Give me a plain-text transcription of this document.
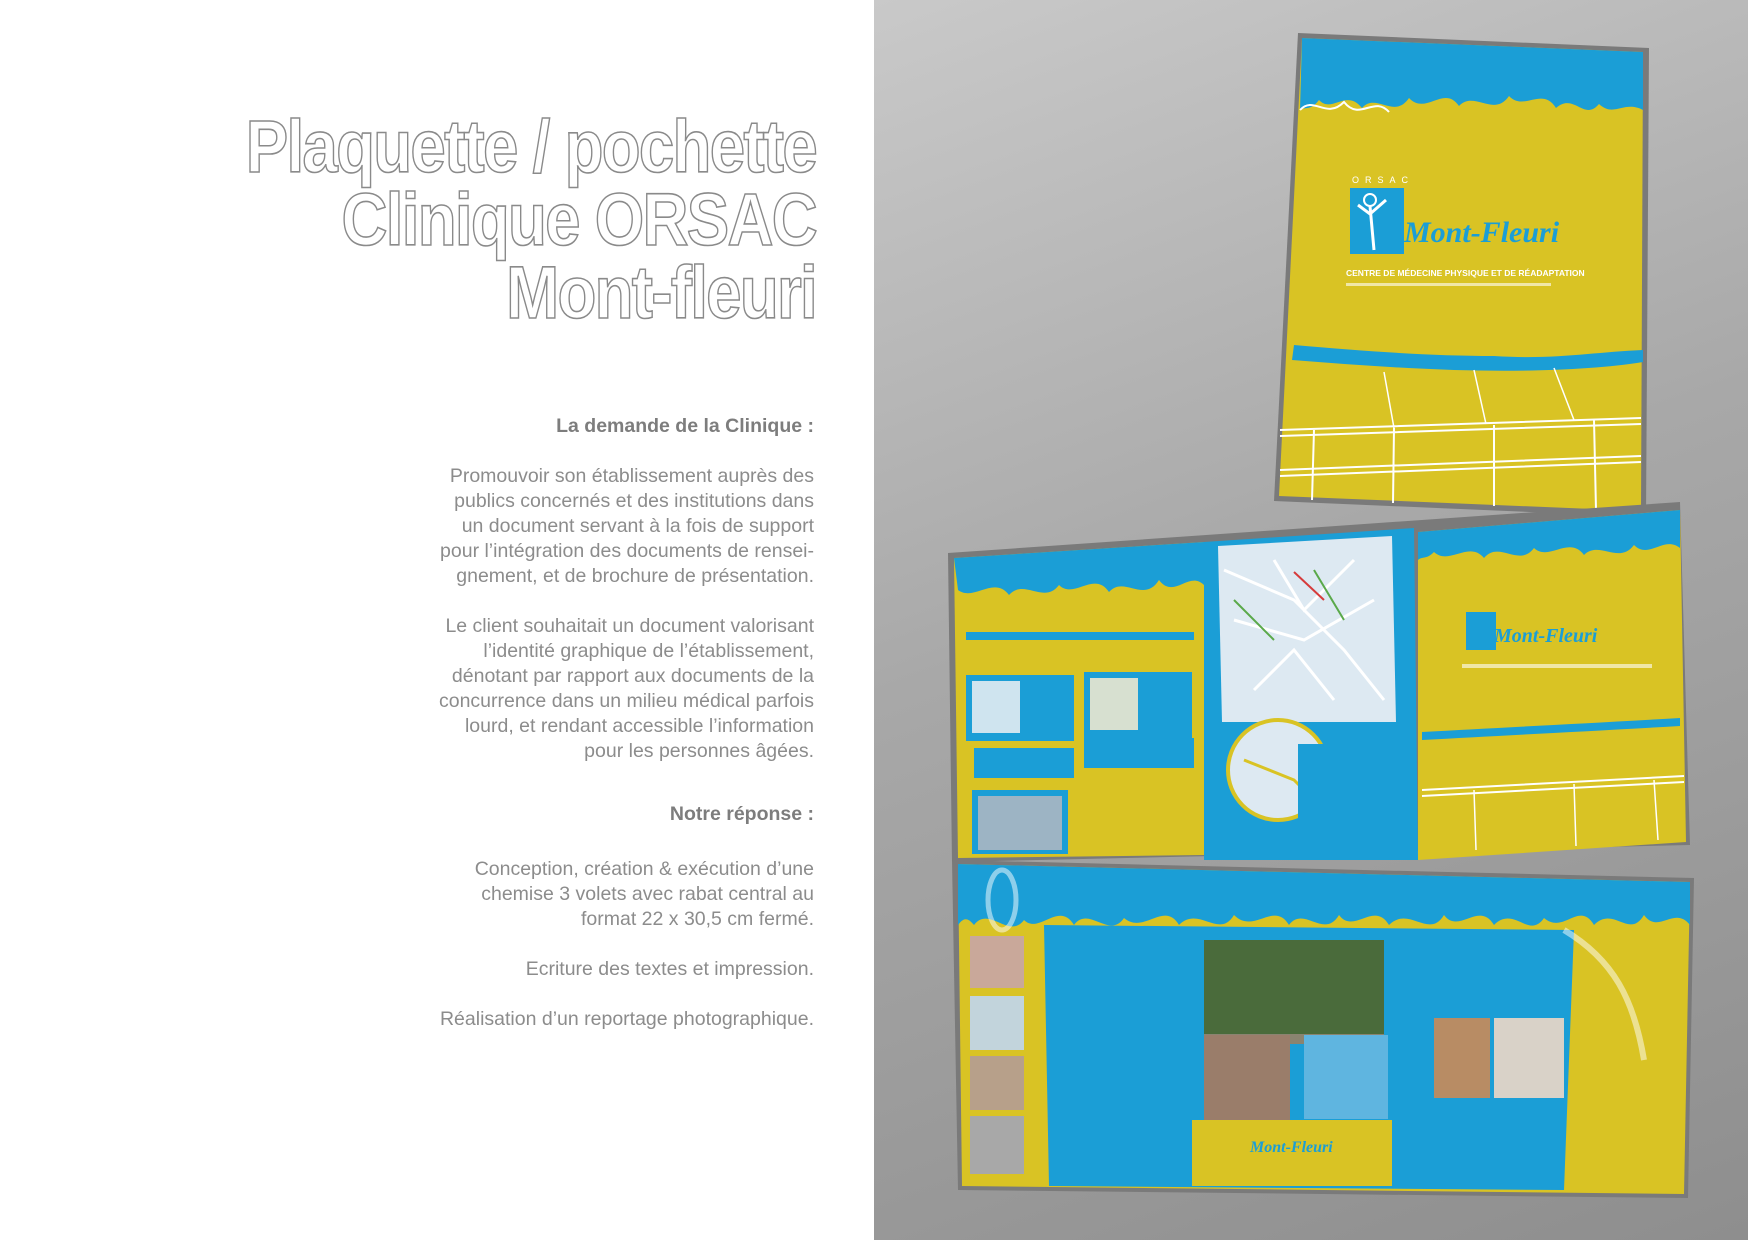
Plaquette / pochette
Clinique ORSAC
Mont-fleuri

La demande de la Clinique :

Promouvoir son établissement auprès des

publics concernés et des institutions dans

un document servant à la fois de support

pour l’intégration des documents de rensei-

gnement, et de brochure de présentation.

Le client souhaitait un document valorisant

l’identité graphique de l’établissement,

dénotant par rapport aux documents de la

concurrence dans un milieu médical parfois

lourd, et rendant accessible l’information

pour les personnes âgées.

Notre réponse :

Conception, création & exécution d’une

chemise 3 volets avec rabat central au

format 22 x 30,5 cm fermé.

Ecriture des textes et impression.

Réalisation d’un reportage photographique.

ORSAC
Mont-Fleuri
CENTRE DE MÉDECINE PHYSIQUE ET DE RÉADAPTATION
Mont-Fleuri
Mont-Fleuri
